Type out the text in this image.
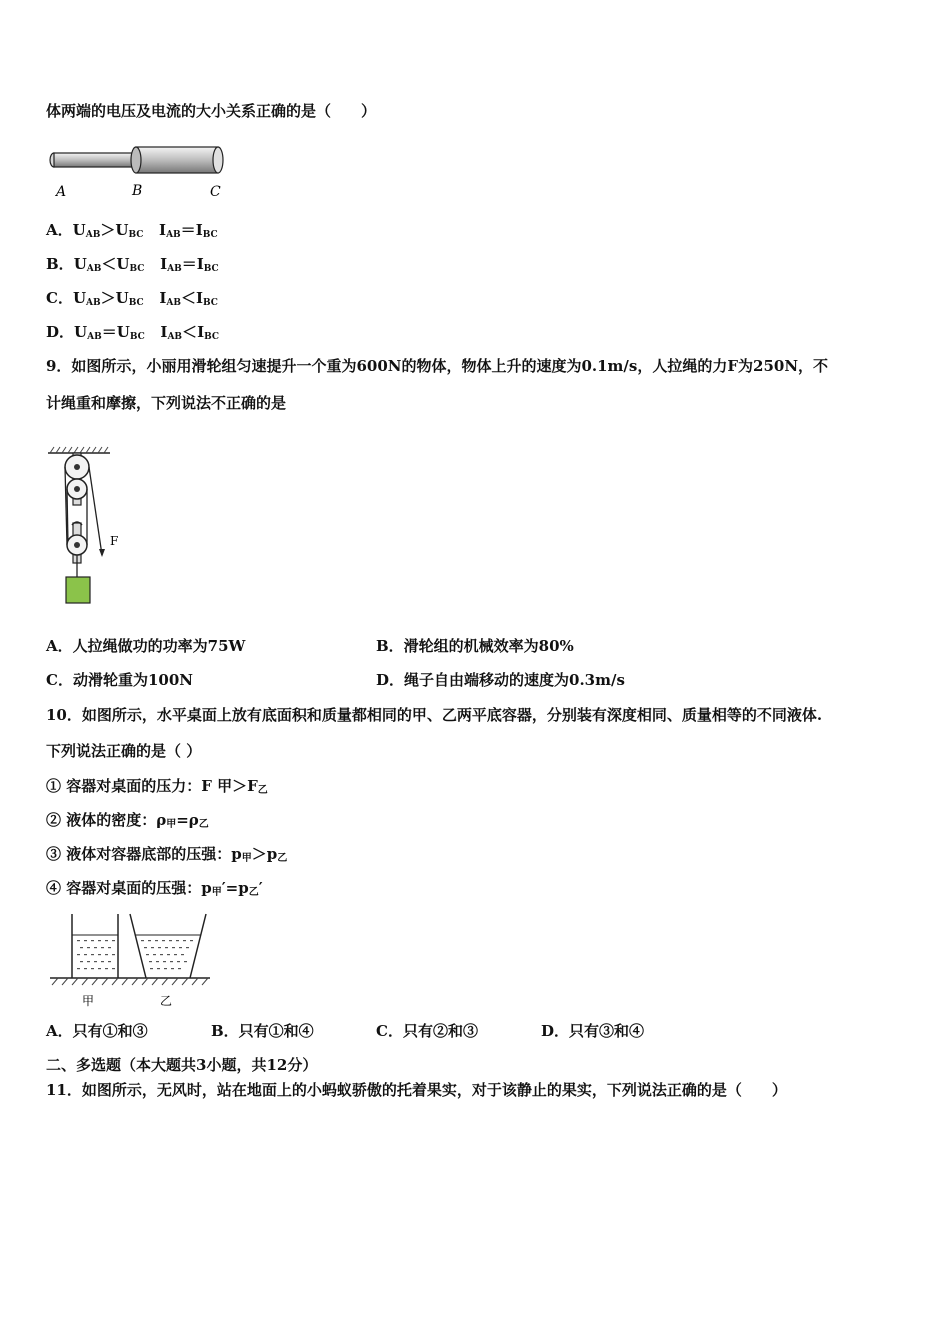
体两端的电压及电流的大小关系正确的是（　　）
A	B	C
A．$U_{AB}>U_{BC}$ $I_{AB}=I_{BC}$
B．$U_{AB}<U_{BC}$ $I_{AB}=I_{BC}$
C．$U_{AB}>U_{BC}$ $I_{AB}<I_{BC}$
D．$U_{AB}=U_{BC}$ $I_{AB}<I_{BC}$
9．如图所示，小丽用滑轮组匀速提升一个重为600N的物体，物体上升的速度为0.1m/s，人拉绳的力F为250N，不
计绳重和摩擦，下列说法不正确的是
F
A．人拉绳做功的功率为75W	B．滑轮组的机械效率为80%
C．动滑轮重为100N	D．绳子自由端移动的速度为0.3m/s
10．如图所示，水平桌面上放有底面积和质量都相同的甲、乙两平底容器，分别装有深度相同、质量相等的不同液体.
下列说法正确的是（ ）
① 容器对桌面的压力：F 甲＞F乙
② 液体的密度：ρ甲=ρ乙
③ 液体对容器底部的压强：p甲＞p乙
④ 容器对桌面的压强：p甲′=p乙′
甲	乙
A．只有①和③	B．只有①和④	C．只有②和③	D．只有③和④
二、多选题（本大题共3小题，共12分）
11．如图所示，无风时，站在地面上的小蚂蚁骄傲的托着果实，对于该静止的果实，下列说法正确的是（　　）
